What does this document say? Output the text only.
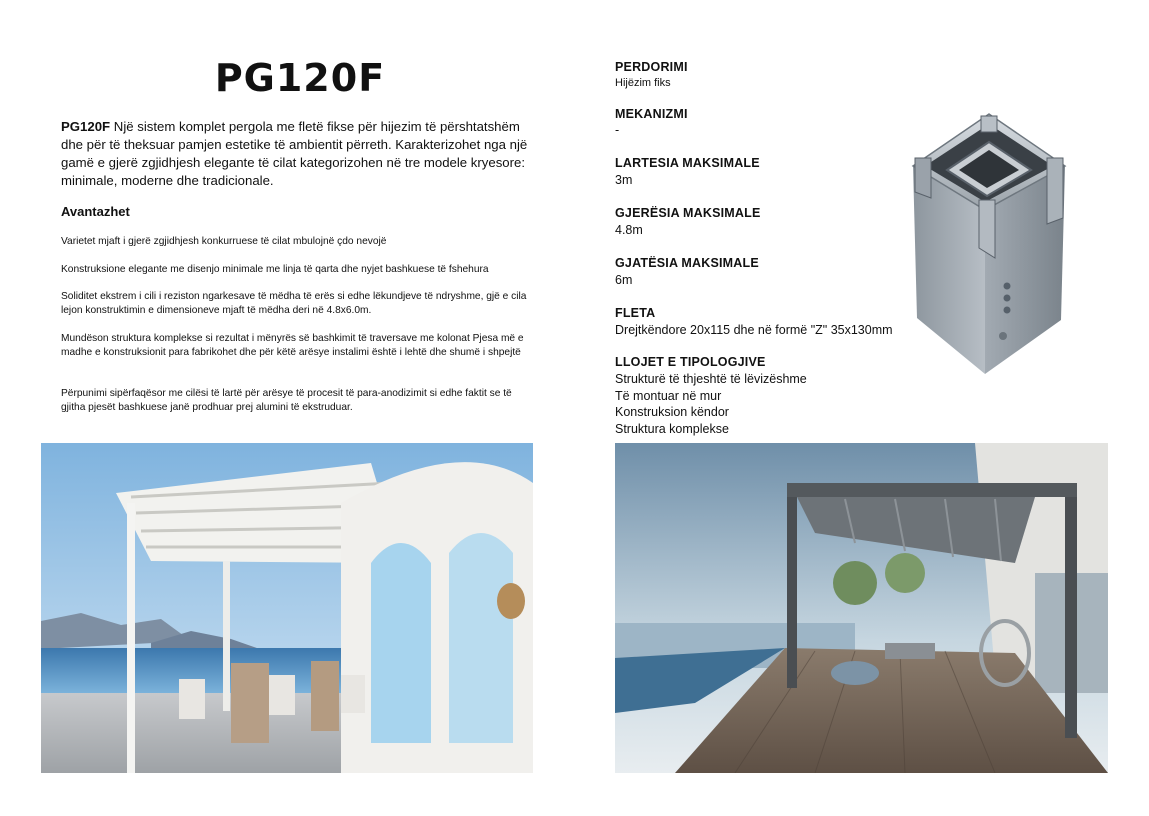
PG120F
PG120F Një sistem komplet pergola me fletë fikse për hijezim të përshtatshëm dhe për të theksuar pamjen estetike të ambientit përreth. Karakterizohet nga një gamë e gjerë zgjidhjesh elegante të cilat kategorizohen në tre modele kryesore: minimale, moderne dhe tradicionale.
Avantazhet
Varietet mjaft i gjerë zgjidhjesh konkurruese të cilat mbulojnë çdo nevojë
Konstruksione elegante me disenjo minimale me linja të qarta dhe nyjet bashkuese të fshehura
Soliditet ekstrem i cili i reziston ngarkesave të mëdha të erës si edhe lëkundjeve të ndryshme, gjë e cila lejon konstruktimin e dimensioneve mjaft të mëdha deri në 4.8x6.0m.
Mundëson struktura komplekse si rezultat i mënyrës së bashkimit të traversave me kolonat Pjesa më e madhe e konstruksionit para fabrikohet dhe për këtë arësye instalimi është i lehtë dhe shumë i shpejtë
Përpunimi sipërfaqësor me cilësi të lartë për arësye të procesit të para-anodizimit si edhe faktit se të gjitha pjesët bashkuese janë prodhuar prej alumini të ekstruduar.
PERDORIMI
Hijëzim fiks
MEKANIZMI
-
LARTESIA MAKSIMALE
3m
GJERËSIA MAKSIMALE
4.8m
GJATËSIA MAKSIMALE
6m
FLETA
Drejtkëndore 20x115 dhe në formë "Z" 35x130mm
LLOJET E TIPOLOGJIVE
Strukturë të thjeshtë të lëvizëshme
Të montuar në mur
Konstruksion këndor
Struktura komplekse
